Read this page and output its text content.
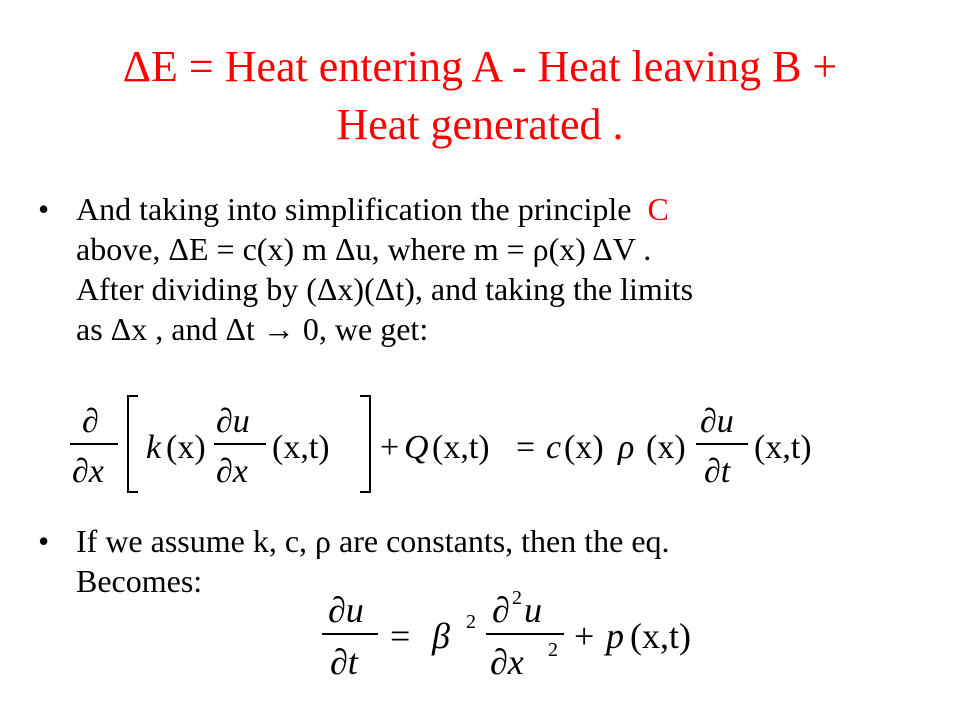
ΔE = Heat entering A - Heat leaving B +
Heat generated .
• And taking into simplification the principle C
above, ΔE = c(x) m Δu, where m = ρ(x) ΔV .
After dividing by (Δx)(Δt), and taking the limits
as Δx , and Δt → 0, we get:
∂
∂x
k (x)
∂u
∂x
(x,t) + Q (x,t) = c (x) ρ (x)
∂u
∂t
(x,t)
• If we assume k, c, ρ are constants, then the eq.
Becomes:
∂u
∂t
= β 2 ∂ 2 u
∂x 2 + p (x,t)
